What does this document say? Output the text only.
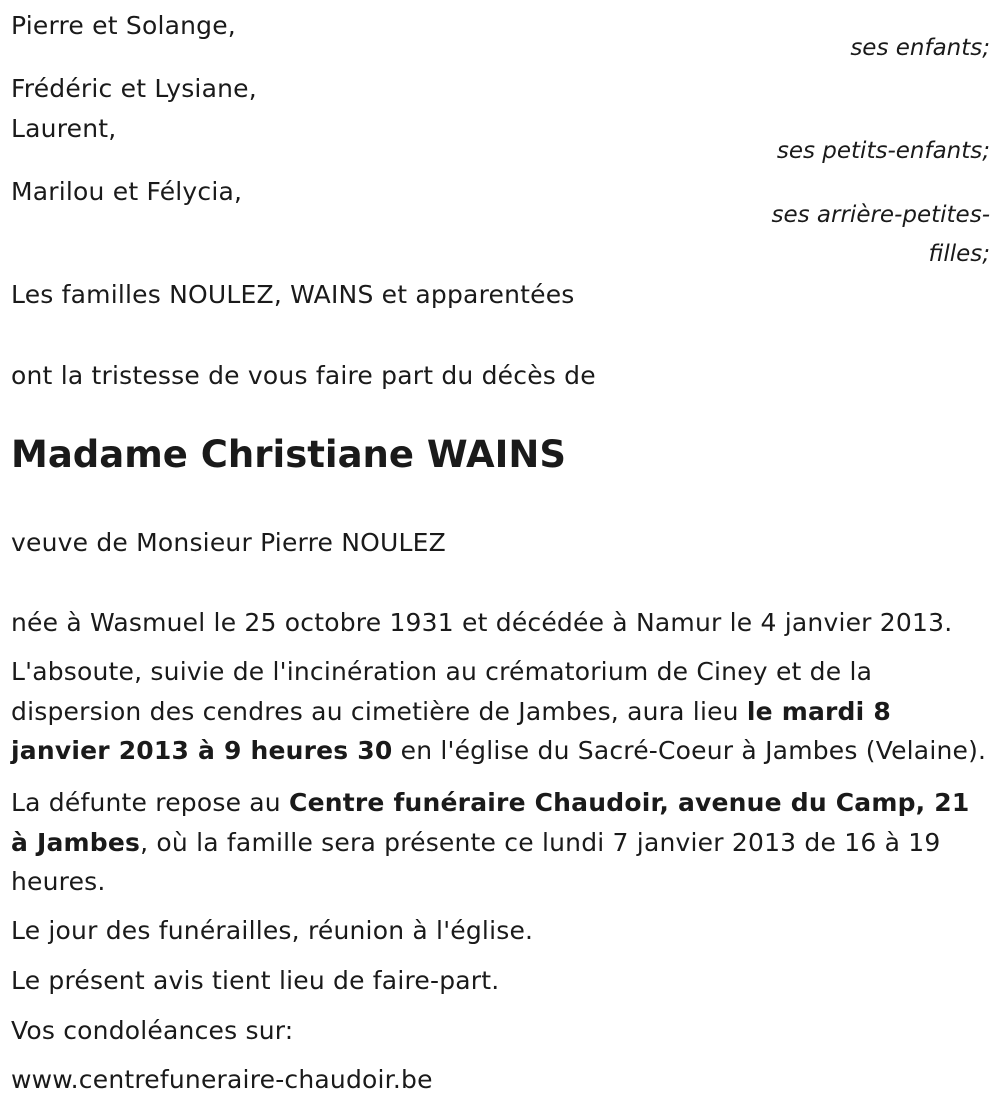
Pierre et Solange,
ses enfants;
Frédéric et Lysiane,
Laurent,
ses petits-enfants;
Marilou et Félycia,
ses arrière-petites-
filles;
Les familles NOULEZ, WAINS et apparentées
ont la tristesse de vous faire part du décès de
Madame Christiane WAINS
veuve de Monsieur Pierre NOULEZ
née à Wasmuel le 25 octobre 1931 et décédée à Namur le 4 janvier 2013.
L'absoute, suivie de l'incinération au crématorium de Ciney et de la dispersion des cendres au cimetière de Jambes, aura lieu le mardi 8 janvier 2013 à 9 heures 30 en l'église du Sacré-Coeur à Jambes (Velaine).
La défunte repose au Centre funéraire Chaudoir, avenue du Camp, 21 à Jambes, où la famille sera présente ce lundi 7 janvier 2013 de 16 à 19 heures.
Le jour des funérailles, réunion à l'église.
Le présent avis tient lieu de faire-part.
Vos condoléances sur:
www.centrefuneraire-chaudoir.be
